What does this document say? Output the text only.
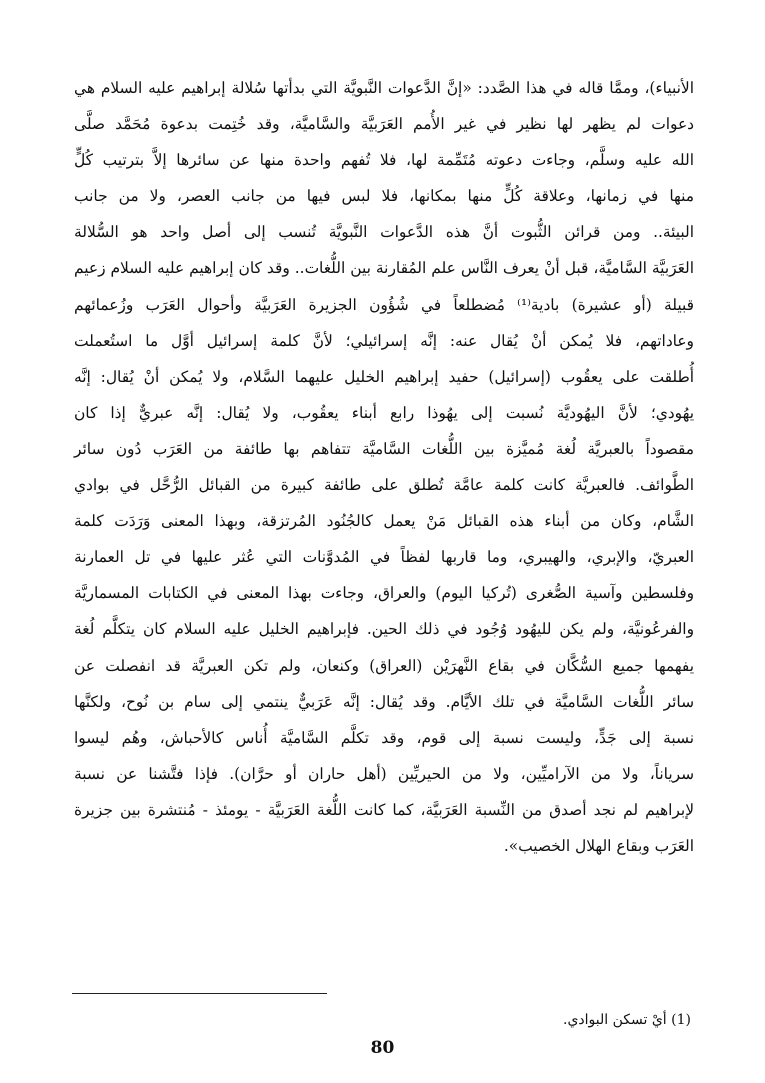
الأنبياء)، وممَّا قاله في هذا الصَّدد: «إنَّ الدَّعوات النَّبويَّة التي بدأتها سُلالة إبراهيم عليه السلام هي
دعوات لم يظهر لها نظير في غير الأُمم العَرَبيَّة والسَّاميَّة، وقد خُتِمت بدعوة مُحَمَّد صلَّى
الله عليه وسلَّم، وجاءت دعوته مُتَمِّمة لها، فلا تُفهم واحدة منها عن سائرها إلاَّ بترتيب كُلٍّ
منها في زمانها، وعلاقة كُلٍّ منها بمكانها، فلا لبس فيها من جانب العصر، ولا من جانب
البيئة.. ومن قرائن الثُّبوت أنَّ هذه الدَّعوات النَّبويَّة تُنسب إلى أصل واحد هو السُّلالة
العَرَبيَّة السَّاميَّة، قبل أنْ يعرف النَّاس علم المُقارنة بين اللُّغات.. وقد كان إبراهيم عليه السلام زعيم
قبيلة (أو عشيرة) بادية⁽¹⁾ مُضطلعاً في شُؤُون الجزيرة العَرَبيَّة وأحوال العَرَب وزُعمائهم
وعاداتهم، فلا يُمكن أنْ يُقال عنه: إنَّه إسرائيلي؛ لأنَّ كلمة إسرائيل أوَّل ما استُعملت
أُطلقت على يعقُوب (إسرائيل) حفيد إبراهيم الخليل عليهما السَّلام، ولا يُمكن أنْ يُقال: إنَّه
يهُودي؛ لأنَّ اليهُوديَّة نُسبت إلى يهُوذا رابع أبناء يعقُوب، ولا يُقال: إنَّه عبريٌّ إذا كان
مقصوداً بالعبريَّة لُغة مُميَّزة بين اللُّغات السَّاميَّة تتفاهم بها طائفة من العَرَب دُون سائر
الطَّوائف. فالعبريَّة كانت كلمة عامَّة تُطلق على طائفة كبيرة من القبائل الرُّحَّل في بوادي
الشَّام، وكان من أبناء هذه القبائل مَنْ يعمل كالجُنُود المُرتزقة، وبهذا المعنى وَرَدَت كلمة
العبريّ، والإبري، والهيبري، وما قاربها لفظاً في المُدوَّنات التي عُثر عليها في تل العمارنة
وفلسطين وآسية الصُّغرى (تُركيا اليوم) والعراق، وجاءت بهذا المعنى في الكتابات المسماريَّة
والفرعُونيَّة، ولم يكن لليهُود وُجُود في ذلك الحين. فإبراهيم الخليل عليه السلام كان يتكلَّم لُغة
يفهمها جميع السُّكَّان في بقاع النَّهرَيْن (العراق) وكنعان، ولم تكن العبريَّة قد انفصلت عن
سائر اللُّغات السَّاميَّة في تلك الأيَّام. وقد يُقال: إنَّه عَرَبيٌّ ينتمي إلى سام بن نُوح، ولكنَّها
نسبة إلى جَدٍّ، وليست نسبة إلى قوم، وقد تكلَّم السَّاميَّة أُناس كالأحباش، وهُم ليسوا
سرياناً، ولا من الآراميِّين، ولا من الحيريِّين (أهل حاران أو حرَّان). فإذا فتَّشنا عن نسبة
لإبراهيم لم نجد أصدق من النِّسبة العَرَبيَّة، كما كانت اللُّغة العَرَبيَّة - يومئذ - مُنتشرة بين جزيرة
العَرَب وبقاع الهلال الخصيب».

(1) أيْ تسكن البوادي.
80
